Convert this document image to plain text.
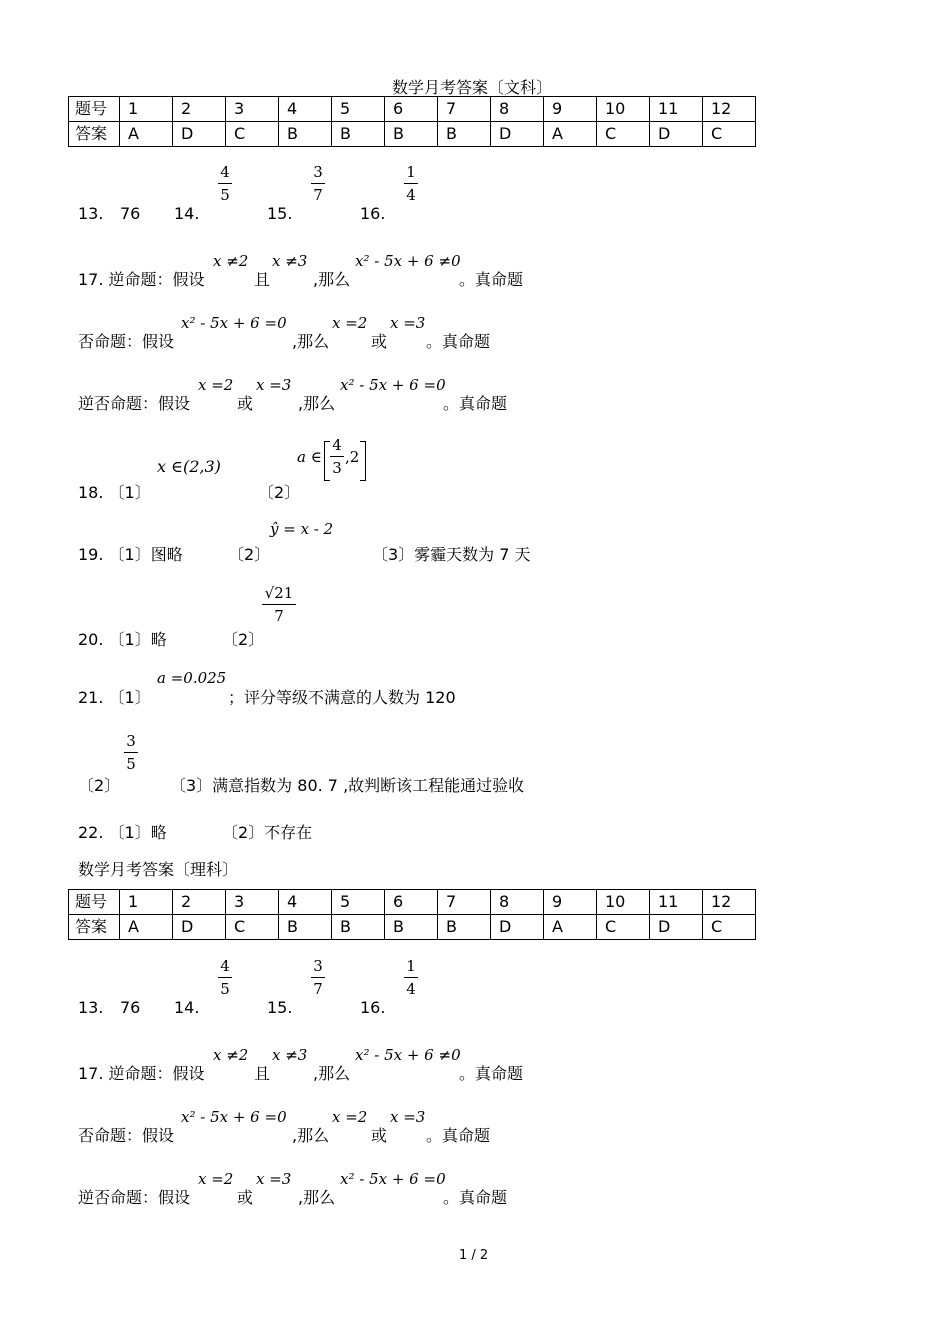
数学月考答案〔文科〕
题号	1	2	3	4	5	6	7	8	9	10	11	12
答案	A	D	C	B	B	B	B	D	A	C	D	C
13. 76 14.
4
5
15.
3
7
16.
1
4
17. 逆命题：假设
x ≠2
且
x ≠3
,那么
x² - 5x + 6 ≠0
。真命题
否命题：假设
x² - 5x + 6 =0
,那么
x =2
或
x =3
。真命题
逆否命题：假设
x =2
或
x =3
,那么
x² - 5x + 6 =0
。真命题
18. 〔1〕
x ∈(2,3)
〔2〕
a ∈
4
3
,2
19. 〔1〕图略	〔2〕
ŷ = x - 2
〔3〕雾霾天数为 7 天
20. 〔1〕略	〔2〕
√21
7
21. 〔1〕
a =0.025
；评分等级不满意的人数为 120
〔2〕
3
5
〔3〕满意指数为 80. 7 ,故判断该工程能通过验收
22. 〔1〕略	〔2〕不存在
数学月考答案〔理科〕
题号	1	2	3	4	5	6	7	8	9	10	11	12
答案	A	D	C	B	B	B	B	D	A	C	D	C
13. 76 14.
4
5
15.
3
7
16.
1
4
17. 逆命题：假设
x ≠2
且
x ≠3
,那么
x² - 5x + 6 ≠0
。真命题
否命题：假设
x² - 5x + 6 =0
,那么
x =2
或
x =3
。真命题
逆否命题：假设
x =2
或
x =3
,那么
x² - 5x + 6 =0
。真命题
1 / 2
